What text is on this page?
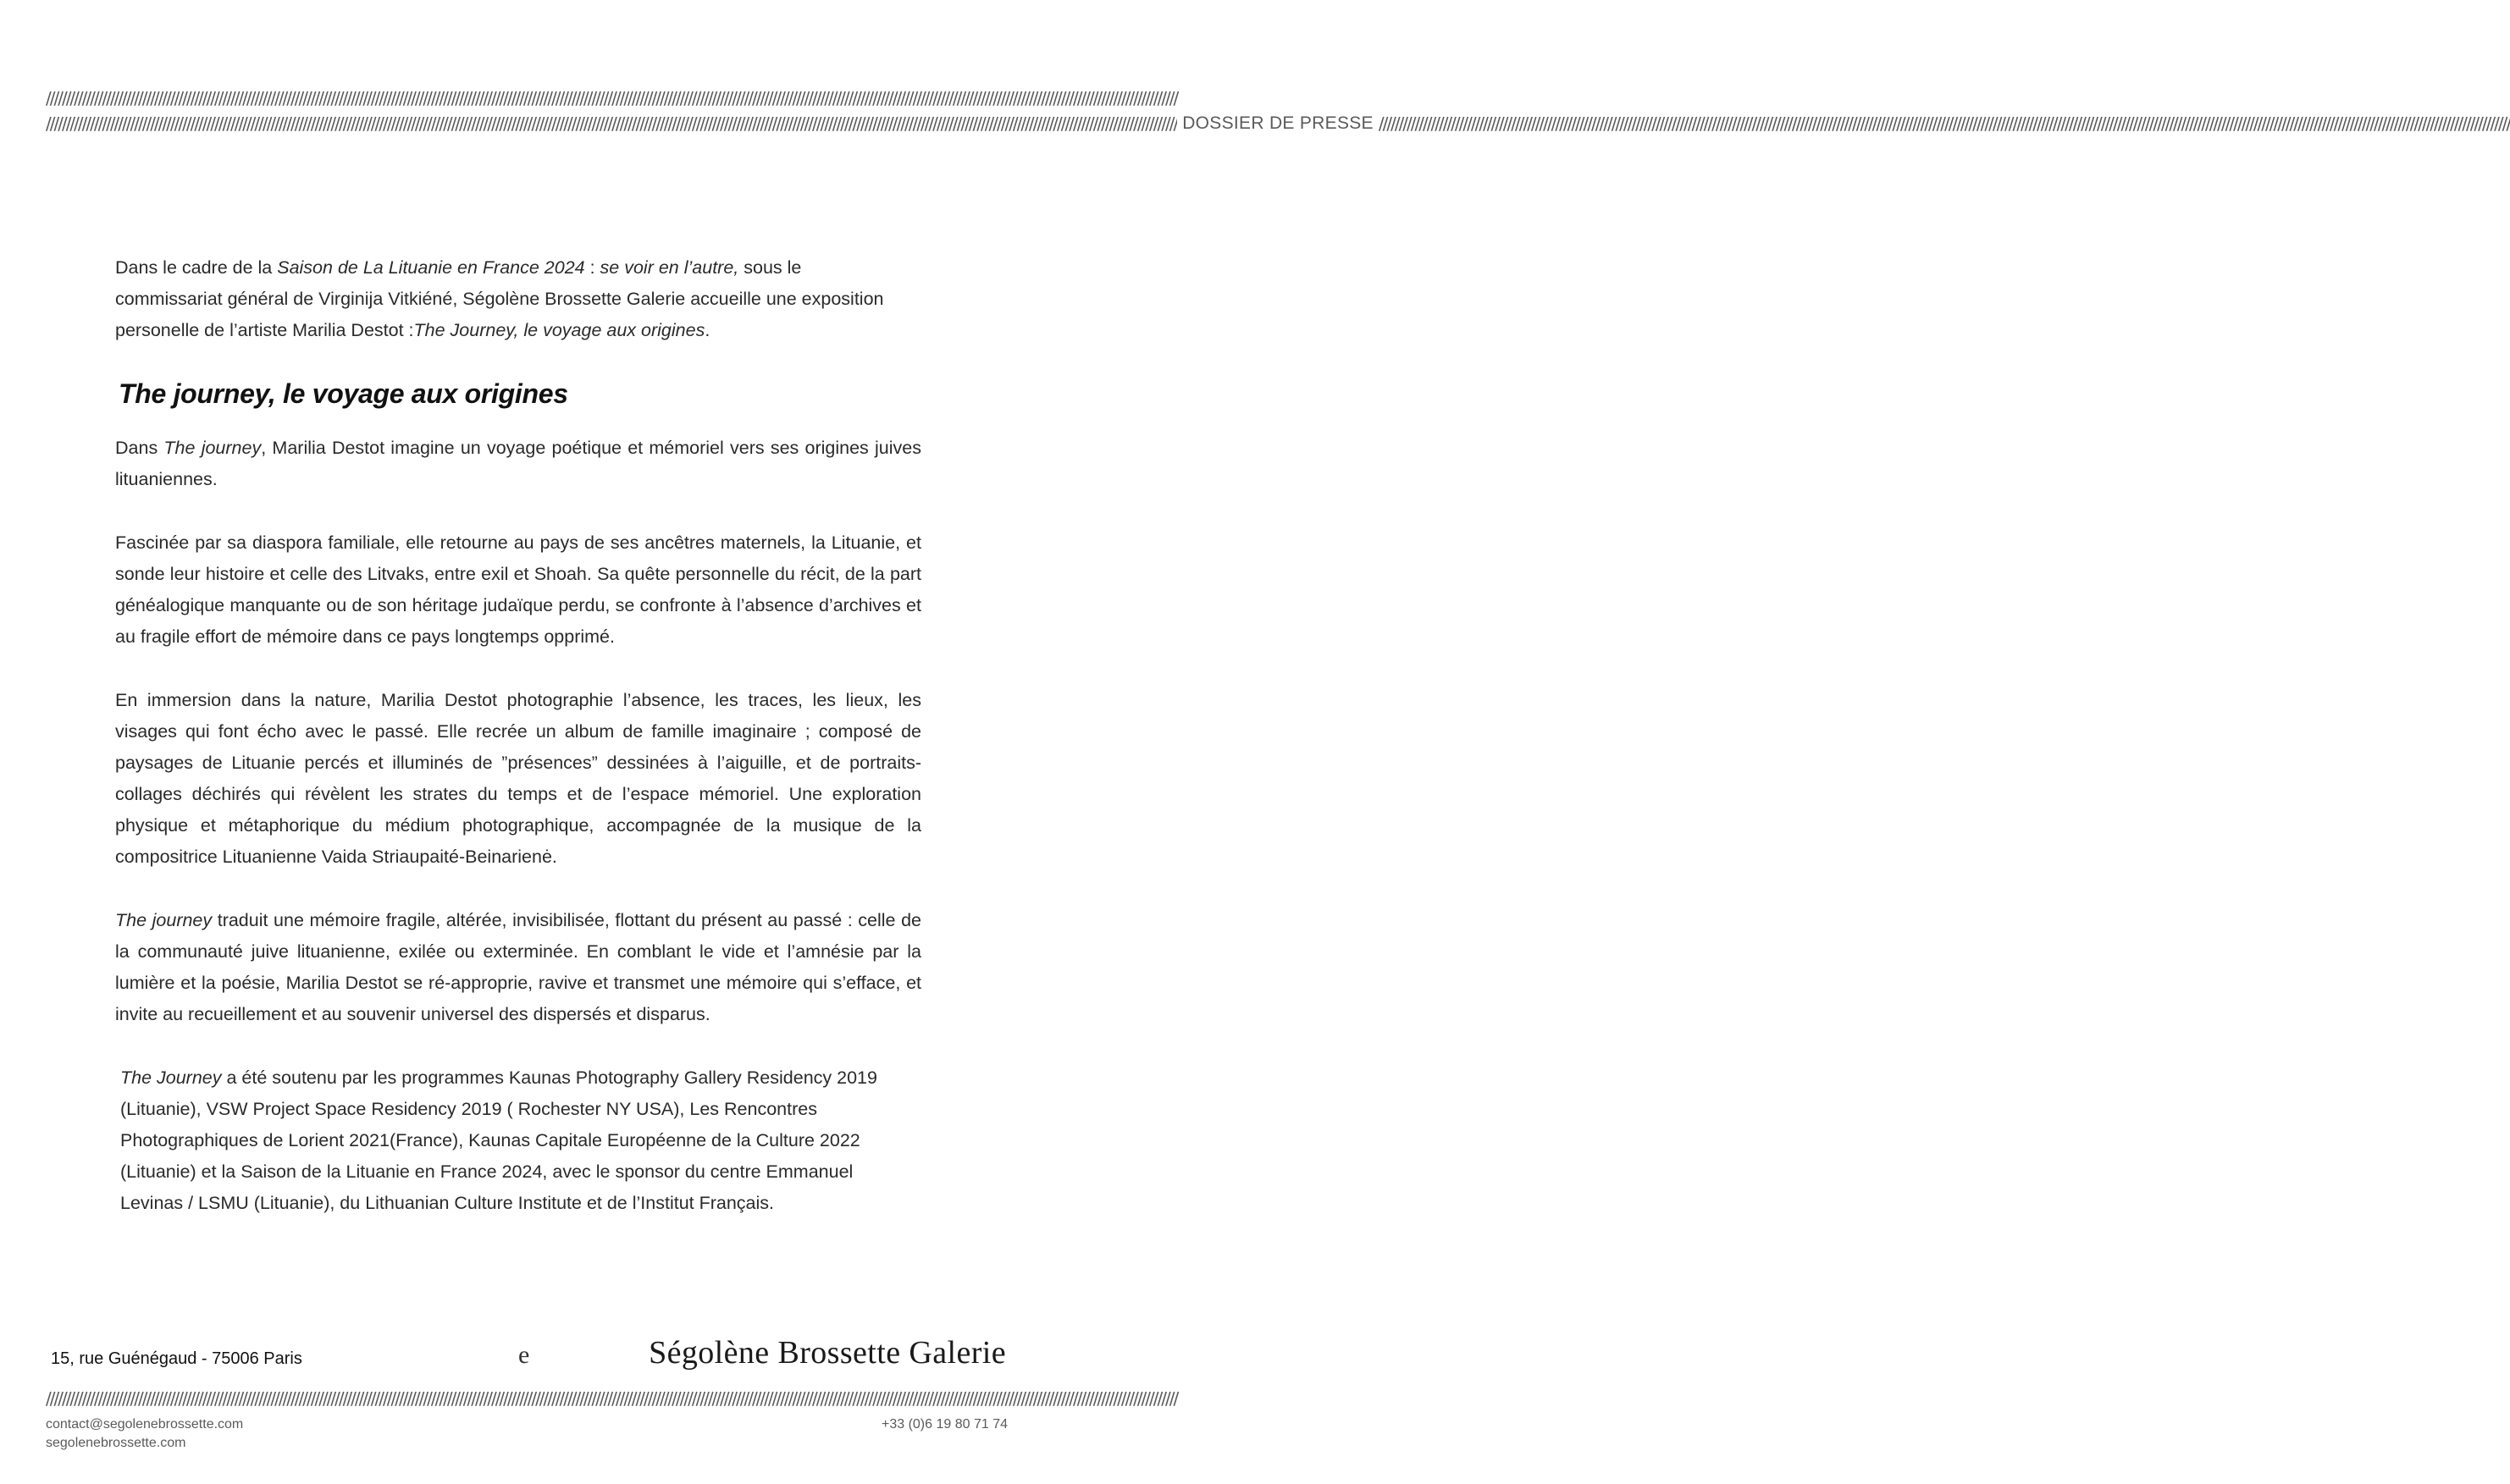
//////////////////////////////////////////////////////////////////////////////////////////////////////////////////////////////////////////////////////////////////////////////////////////////////////////////////////////////////////////////////////////////////////////////////////////
////////////////////////////////////////////////////////////////////////////////////////////////////////////////////////////////////////////////////////////////////////////////////////////////////////////////////////////////////////////////////////////////////////////////////////// DOSSIER DE PRESSE //////////////////////////////////////////////////////////////////////////////////////////////////////////////////////////////////////////////////////////////////////////////////////////////////////////////////////////////////////////////////////////////////////////////////////////

Dans le cadre de la Saison de La Lituanie en France 2024 : se voir en l’autre, sous le commissariat général de Virginija Vitkiéné, Ségolène Brossette Galerie accueille une exposition personelle de l’artiste Marilia Destot :The Journey, le voyage aux origines.

The journey, le voyage aux origines

Dans The journey, Marilia Destot imagine un voyage poétique et mémoriel vers ses origines juives lituaniennes.

Fascinée par sa diaspora familiale, elle retourne au pays de ses ancêtres maternels, la Lituanie, et sonde leur histoire et celle des Litvaks, entre exil et Shoah. Sa quête personnelle du récit, de la part généalogique manquante ou de son héritage judaïque perdu, se confronte à l’absence d’archives et au fragile effort de mémoire dans ce pays longtemps opprimé.

En immersion dans la nature, Marilia Destot photographie l’absence, les traces, les lieux, les visages qui font écho avec le passé. Elle recrée un album de famille imaginaire ; composé de paysages de Lituanie percés et illuminés de ”présences” dessinées à l’aiguille, et de portraits-collages déchirés qui révèlent les strates du temps et de l’espace mémoriel. Une exploration physique et métaphorique du médium photographique, accompagnée de la musique de la compositrice Lituanienne Vaida Striaupaité-Beinarienė.

The journey traduit une mémoire fragile, altérée, invisibilisée, flottant du présent au passé : celle de la communauté juive lituanienne, exilée ou exterminée. En comblant le vide et l’amnésie par la lumière et la poésie, Marilia Destot se ré-approprie, ravive et transmet une mémoire qui s’efface, et invite au recueillement et au souvenir universel des dispersés et disparus.

The Journey a été soutenu par les programmes Kaunas Photography Gallery Residency 2019 (Lituanie), VSW Project Space Residency 2019 ( Rochester NY USA), Les Rencontres Photographiques de Lorient 2021(France), Kaunas Capitale Européenne de la Culture 2022 (Lituanie) et la Saison de la Lituanie en France 2024, avec le sponsor du centre Emmanuel Levinas / LSMU (Lituanie), du Lithuanian Culture Institute et de l’Institut Français.

15, rue Guénégaud - 75006 Paris	e	Ségolène Brossette Galerie
//////////////////////////////////////////////////////////////////////////////////////////////////////////////////////////////////////////////////////////////////////////////////////////////////////////////////////////////////////////////////////////////////////////////////////////
contact@segolenebrossette.com
segolenebrossette.com
+33 (0)6 19 80 71 74
